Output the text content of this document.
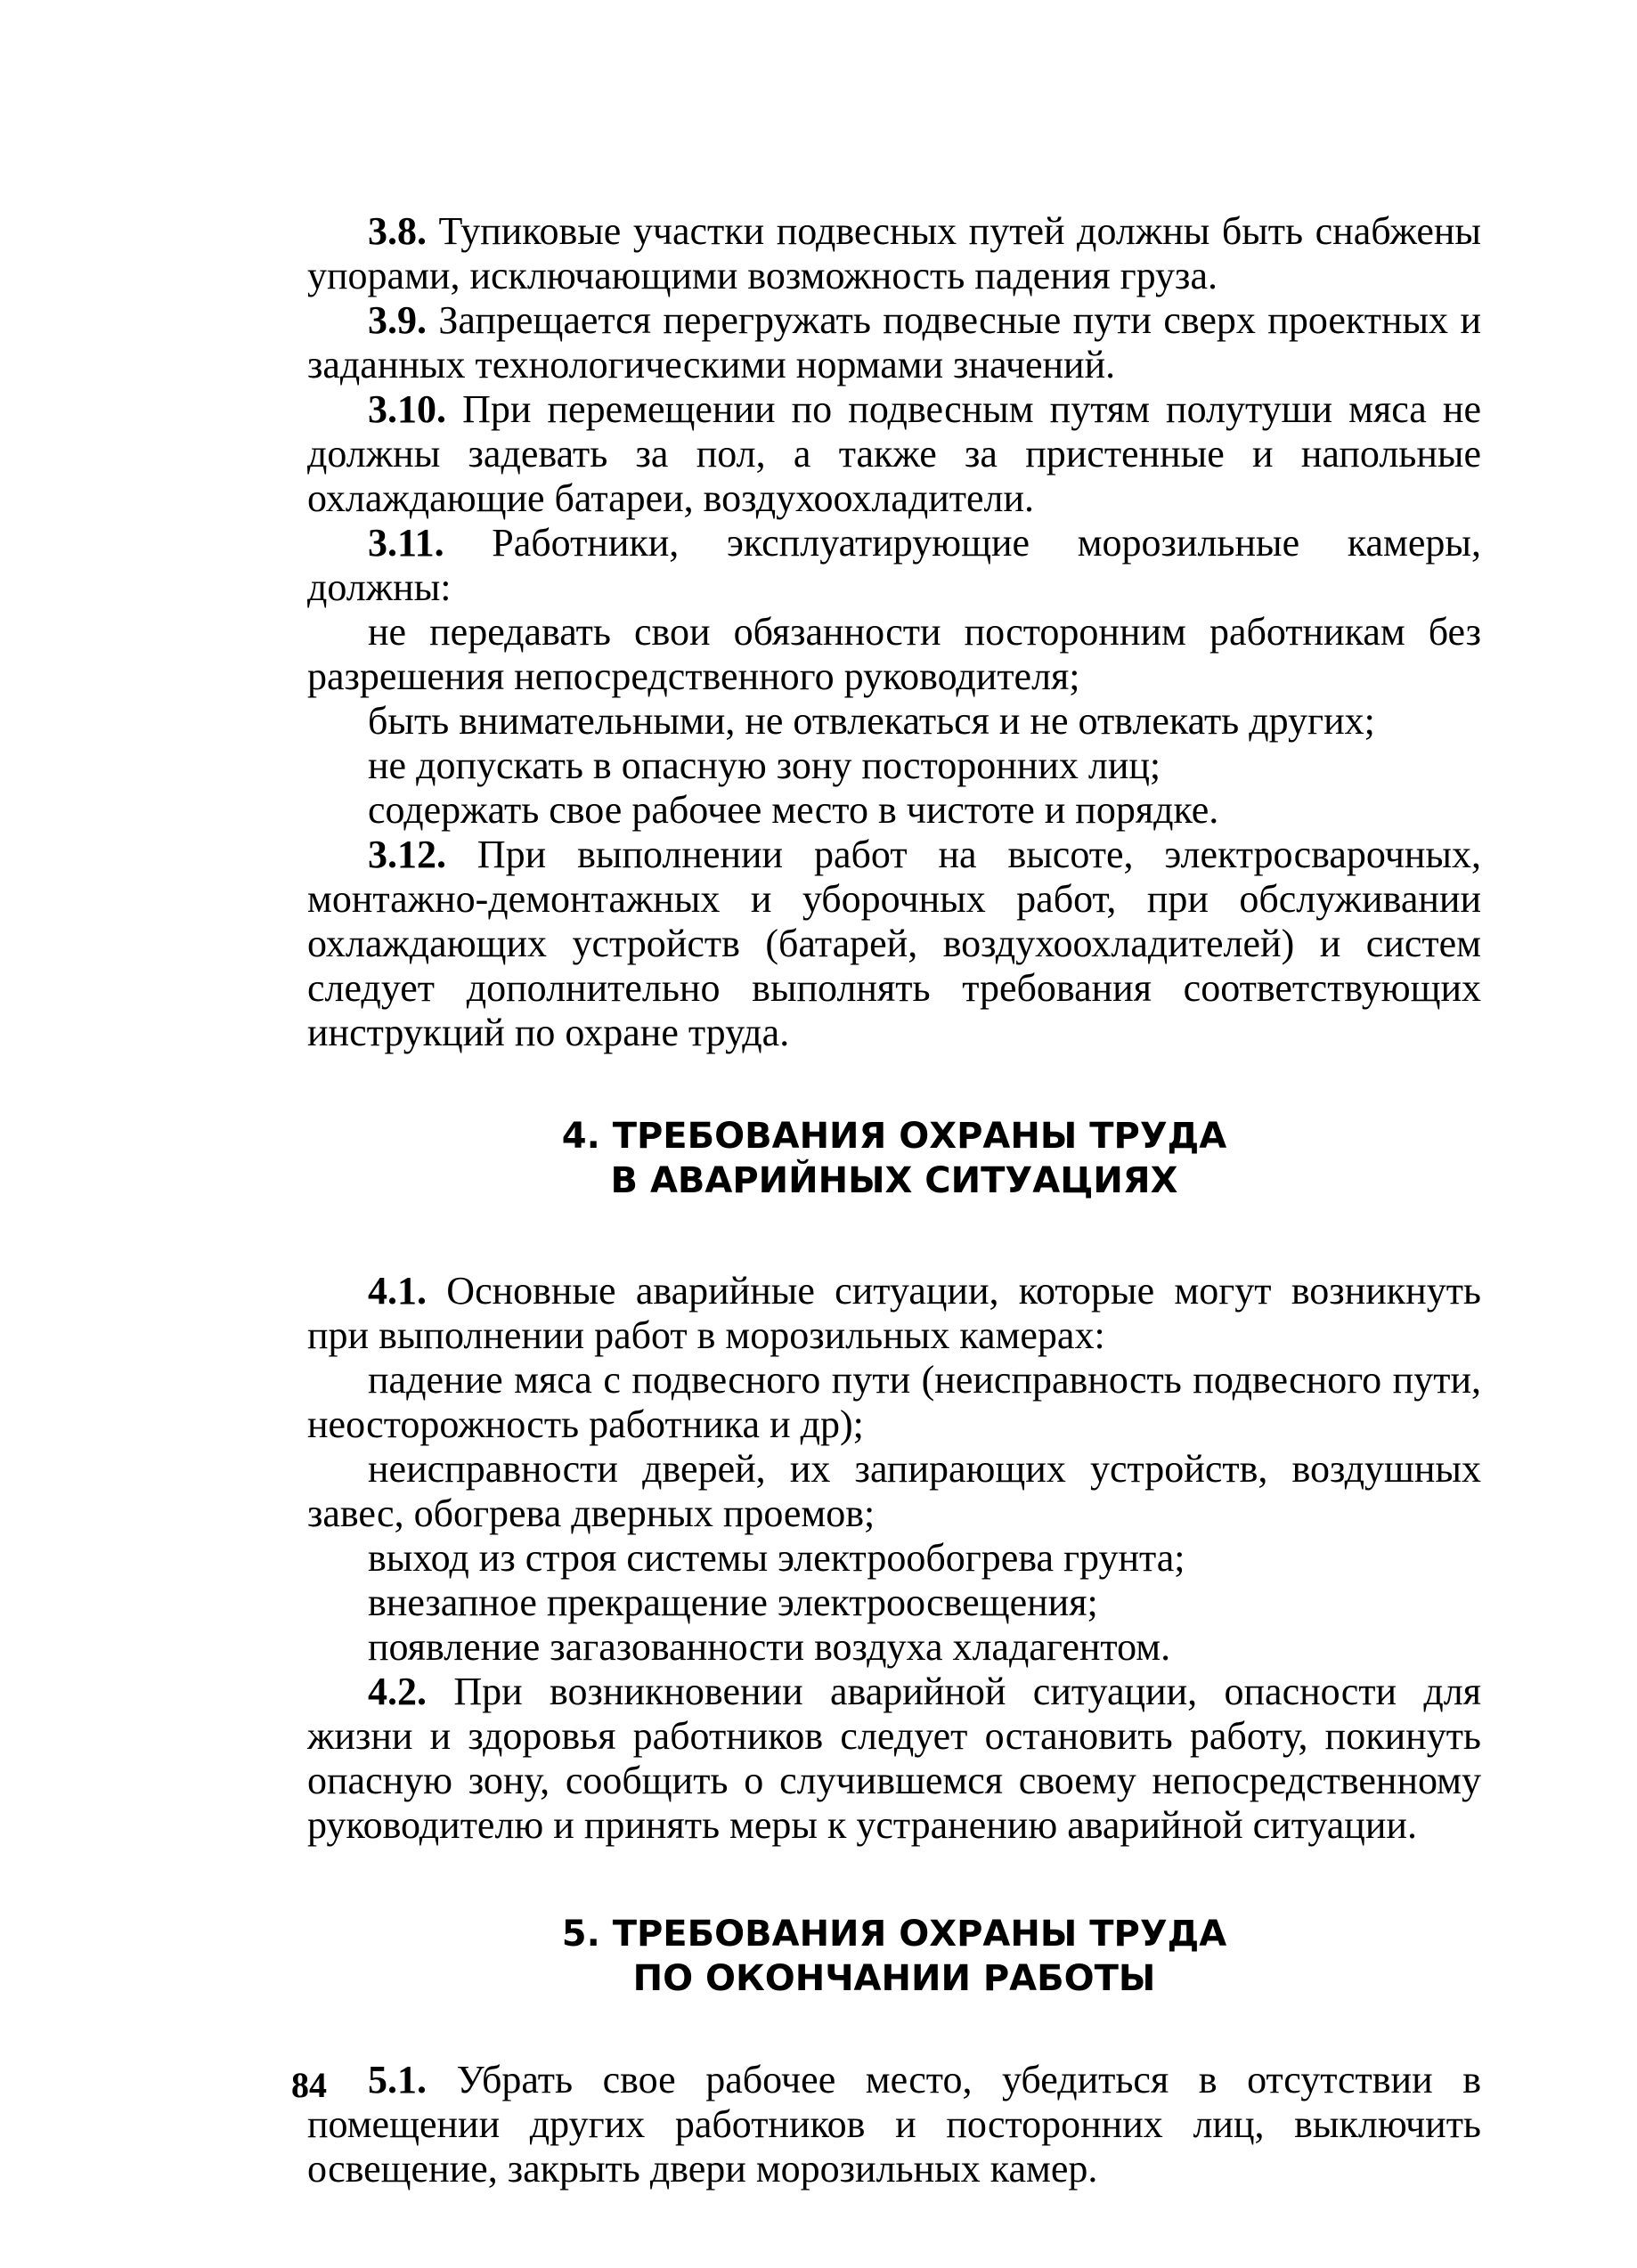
3.8. Тупиковые участки подвесных путей должны быть снабжены упорами, исключающими возможность падения груза.

3.9. Запрещается перегружать подвесные пути сверх проектных и заданных технологическими нормами значений.

3.10. При перемещении по подвесным путям полутуши мяса не должны задевать за пол, а также за пристенные и напольные охлаждающие батареи, воздухоохладители.

3.11. Работники, эксплуатирующие морозильные камеры, должны:

не передавать свои обязанности посторонним работникам без разрешения непосредственного руководителя;

быть внимательными, не отвлекаться и не отвлекать других;

не допускать в опасную зону посторонних лиц;

содержать свое рабочее место в чистоте и порядке.

3.12. При выполнении работ на высоте, электросварочных, монтажно-демонтажных и уборочных работ, при обслуживании охлаждающих устройств (батарей, воздухоохладителей) и систем следует дополнительно выполнять требования соответствующих инструкций по охране труда.

4. ТРЕБОВАНИЯ ОХРАНЫ ТРУДА
В АВАРИЙНЫХ СИТУАЦИЯХ

4.1. Основные аварийные ситуации, которые могут возникнуть при выполнении работ в морозильных камерах:

падение мяса с подвесного пути (неисправность подвесного пути, неосторожность работника и др);

неисправности дверей, их запирающих устройств, воздушных завес, обогрева дверных проемов;

выход из строя системы электрообогрева грунта;

внезапное прекращение электроосвещения;

появление загазованности воздуха хладагентом.

4.2. При возникновении аварийной ситуации, опасности для жизни и здоровья работников следует остановить работу, покинуть опасную зону, сообщить о случившемся своему непосредственному руководителю и принять меры к устранению аварийной ситуации.

5. ТРЕБОВАНИЯ ОХРАНЫ ТРУДА
ПО ОКОНЧАНИИ РАБОТЫ

5.1. Убрать свое рабочее место, убедиться в отсутствии в помещении других работников и посторонних лиц, выключить освещение, закрыть двери морозильных камер.

84
